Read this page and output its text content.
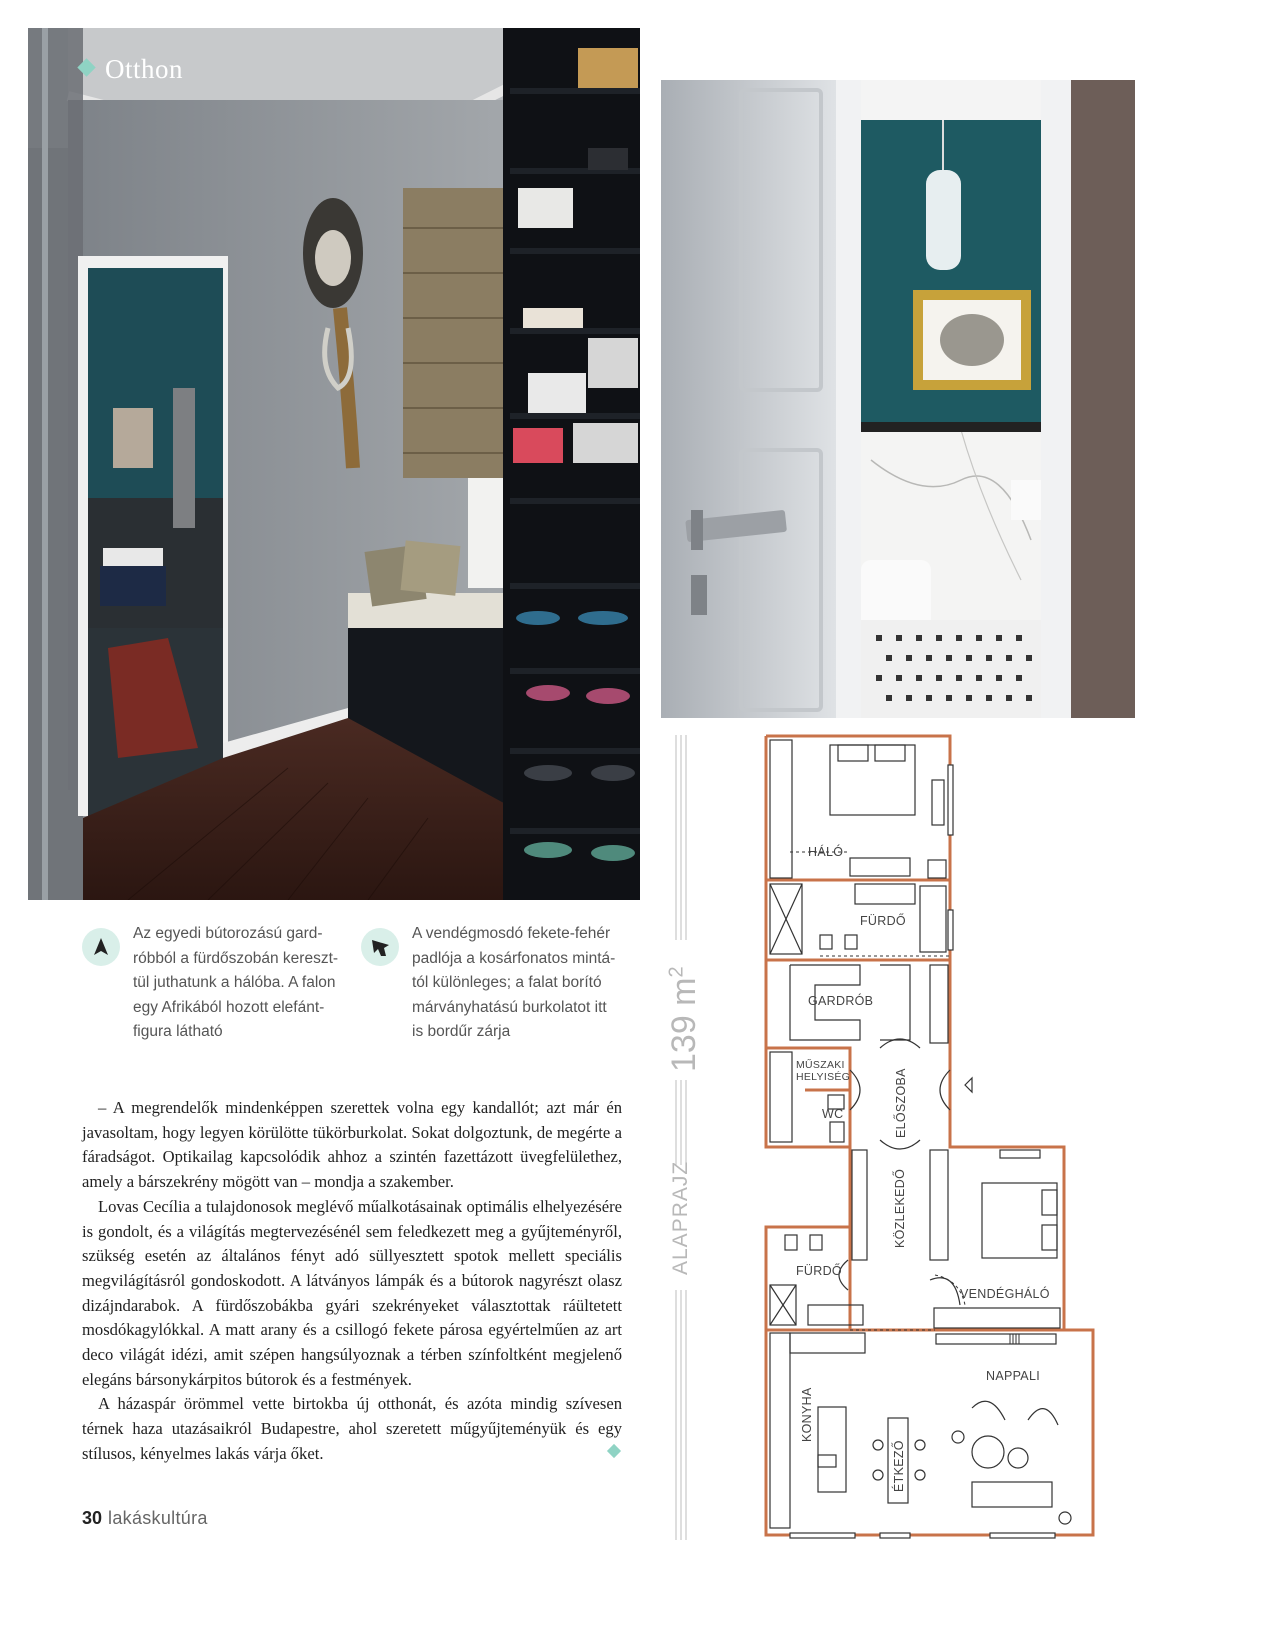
Otthon
Az egyedi bútorozású gard-
róbból a fürdőszobán kereszt-
tül juthatunk a hálóba. A falon
egy Afrikából hozott elefánt-
figura látható
A vendégmosdó fekete-fehér
padlója a kosárfonatos mintá-
tól különleges; a falat borító
márványhatású burkolatot itt
is bordűr zárja

– A megrendelők mindenképpen szerettek volna egy kandallót; azt már én javasoltam, hogy legyen körülötte tükörburkolat. Sokat dolgoztunk, de megérte a fáradságot. Optikailag kapcsolódik ahhoz a szintén fazettázott üvegfelülethez, amely a bárszekrény mögött van – mondja a szakember.

Lovas Cecília a tulajdonosok meglévő műalkotásainak optimális elhelyezésére is gondolt, és a világítás megtervezésénél sem feledkezett meg a gyűjteményről, szükség esetén az általános fényt adó süllyesztett spotok mellett speciális megvilágításról gondoskodott. A látványos lámpák és a bútorok nagyrészt olasz dizájndarabok. A fürdőszobákba gyári szekrényeket választottak ráültetett mosdókagylókkal. A matt arany és a csillogó fekete párosa egyértelműen az art deco világát idézi, amit szépen hangsúlyoznak a térben színfoltként megjelenő elegáns bársonykárpitos bútorok és a festmények.

A házaspár örömmel vette birtokba új otthonát, és azóta mindig szívesen térnek haza utazásaikról Budapestre, ahol szeretett műgyűjteményük és egy stílusos, kényelmes lakás várja őket.

30 lakáskultúra
139 $m^2$
ALAPRAJZ
HÁLÓ
FÜRDŐ
GARDRÓB
MŰSZAKI
HELYISÉG
WC	ELŐSZOBA
KÖZLEKEDŐ
FÜRDŐ
VENDÉGHÁLÓ
NAPPALI
KONYHA
ÉTKEZŐ
